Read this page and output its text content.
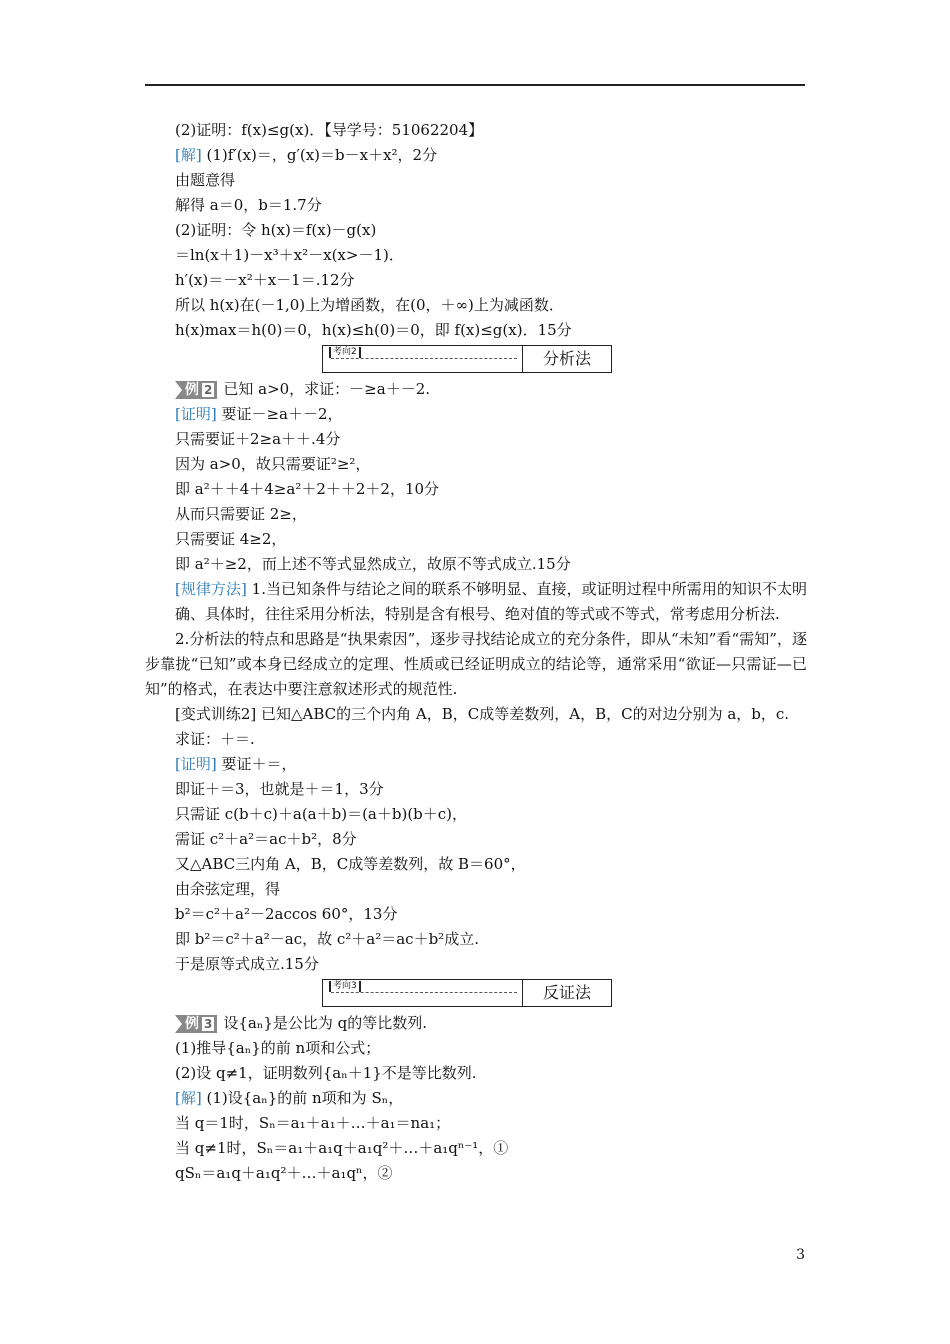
(2)证明：f(x)≤g(x)．【导学号：51062204】
[解] (1)f′(x)＝，g′(x)＝b－x＋x²，2分
由题意得
解得 a＝0，b＝1.7分
(2)证明：令 h(x)＝f(x)－g(x)
＝ln(x＋1)－x³＋x²－x(x>－1)．
h′(x)＝－x²＋x－1＝.12分
所以 h(x)在(－1,0)上为增函数，在(0，＋∞)上为减函数．
h(x)max＝h(0)＝0，h(x)≤h(0)＝0，即 f(x)≤g(x)．15分
考向2	分析法
例 2 已知 a>0，求证：－≥a＋－2.
[证明] 要证－≥a＋－2，
只需要证＋2≥a＋＋.4分
因为 a>0，故只需要证²≥²，
即 a²＋＋4＋4≥a²＋2＋＋2＋2，10分
从而只需要证 2≥，
只需要证 4≥2，
即 a²＋≥2，而上述不等式显然成立，故原不等式成立.15分
[规律方法] 1.当已知条件与结论之间的联系不够明显、直接，或证明过程中所需用的知识不太明确、具体时，往往采用分析法，特别是含有根号、绝对值的等式或不等式，常考虑用分析法.
2.分析法的特点和思路是“执果索因”，逐步寻找结论成立的充分条件，即从“未知”看“需知”，逐步靠拢“已知”或本身已经成立的定理、性质或已经证明成立的结论等，通常采用“欲证—只需证—已知”的格式，在表达中要注意叙述形式的规范性.
[变式训练2] 已知△ABC的三个内角 A，B，C成等差数列，A，B，C的对边分别为 a，b，c.
求证：＋＝.
[证明] 要证＋＝，
即证＋＝3，也就是＋＝1，3分
只需证 c(b＋c)＋a(a＋b)＝(a＋b)(b＋c)，
需证 c²＋a²＝ac＋b²，8分
又△ABC三内角 A，B，C成等差数列，故 B＝60°，
由余弦定理，得
b²＝c²＋a²－2accos 60°，13分
即 b²＝c²＋a²－ac，故 c²＋a²＝ac＋b²成立.
于是原等式成立.15分
考向3	反证法
例 3 设{aₙ}是公比为 q的等比数列.
(1)推导{aₙ}的前 n项和公式；
(2)设 q≠1，证明数列{aₙ＋1}不是等比数列.
[解] (1)设{aₙ}的前 n项和为 Sₙ，
当 q＝1时，Sₙ＝a₁＋a₁＋…＋a₁＝na₁；
当 q≠1时，Sₙ＝a₁＋a₁q＋a₁q²＋…＋a₁qⁿ⁻¹，①
qSₙ＝a₁q＋a₁q²＋…＋a₁qⁿ，②
3
